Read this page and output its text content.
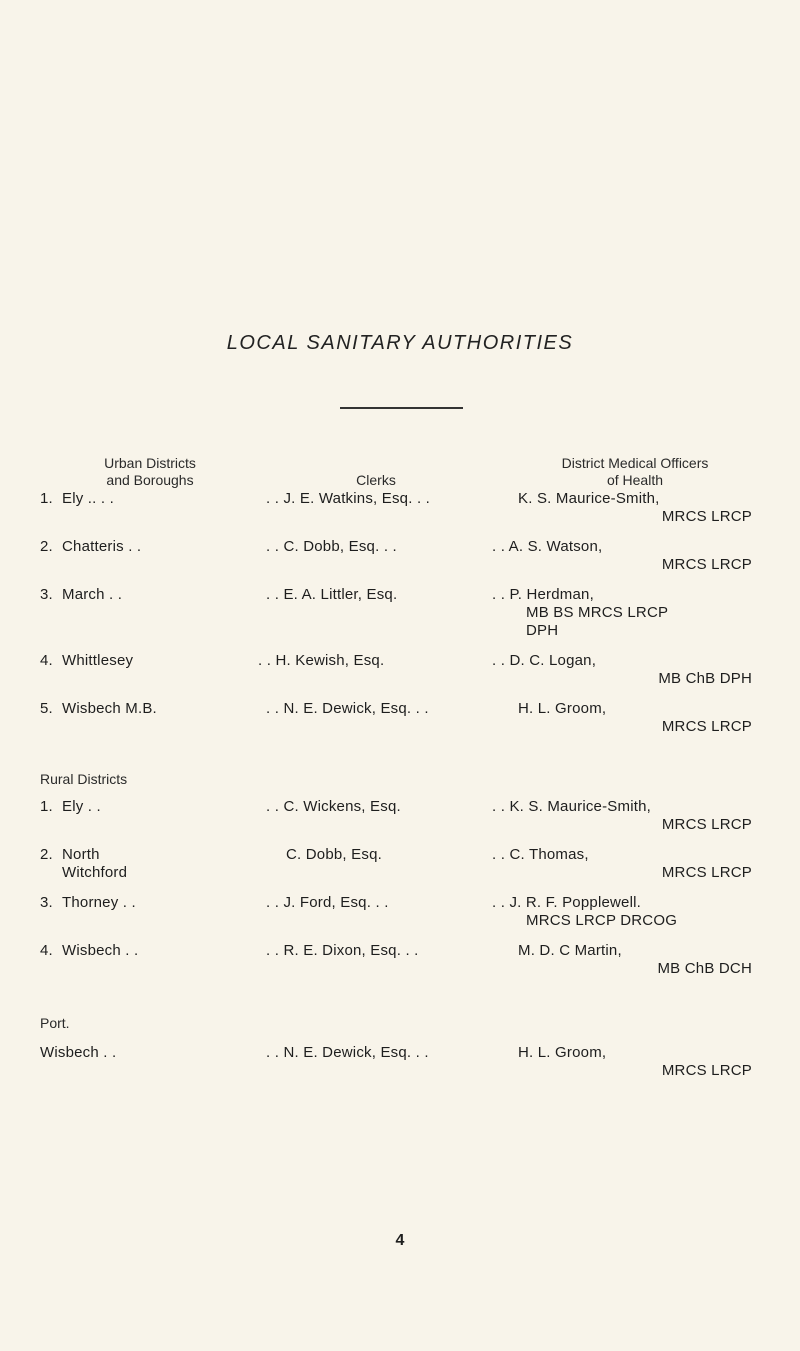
LOCAL SANITARY AUTHORITIES
Urban Districts
and Boroughs	Clerks
District Medical Officers
of Health
1. Ely .. . .	. . J. E. Watkins, Esq. . .	K. S. Maurice-Smith,
MRCS LRCP
2. Chatteris . .	. . C. Dobb, Esq. . .	. . A. S. Watson,
MRCS LRCP
3. March . .	. . E. A. Littler, Esq.	. . P. Herdman,
MB BS MRCS LRCP
DPH
4. Whittlesey	. . H. Kewish, Esq.	. . D. C. Logan,
MB ChB DPH
5. Wisbech M.B.	. . N. E. Dewick, Esq. . .	H. L. Groom,
MRCS LRCP
Rural Districts
1. Ely . .	. . C. Wickens, Esq.	. . K. S. Maurice-Smith,
MRCS LRCP
2. North
Witchford
C. Dobb, Esq.	. . C. Thomas,
MRCS LRCP
3. Thorney . .	. . J. Ford, Esq. . .	. . J. R. F. Popplewell.
MRCS LRCP DRCOG
4. Wisbech . .	. . R. E. Dixon, Esq. . .	M. D. C Martin,
MB ChB DCH
Port.
Wisbech . .	. . N. E. Dewick, Esq. . .	H. L. Groom,
MRCS LRCP
4
